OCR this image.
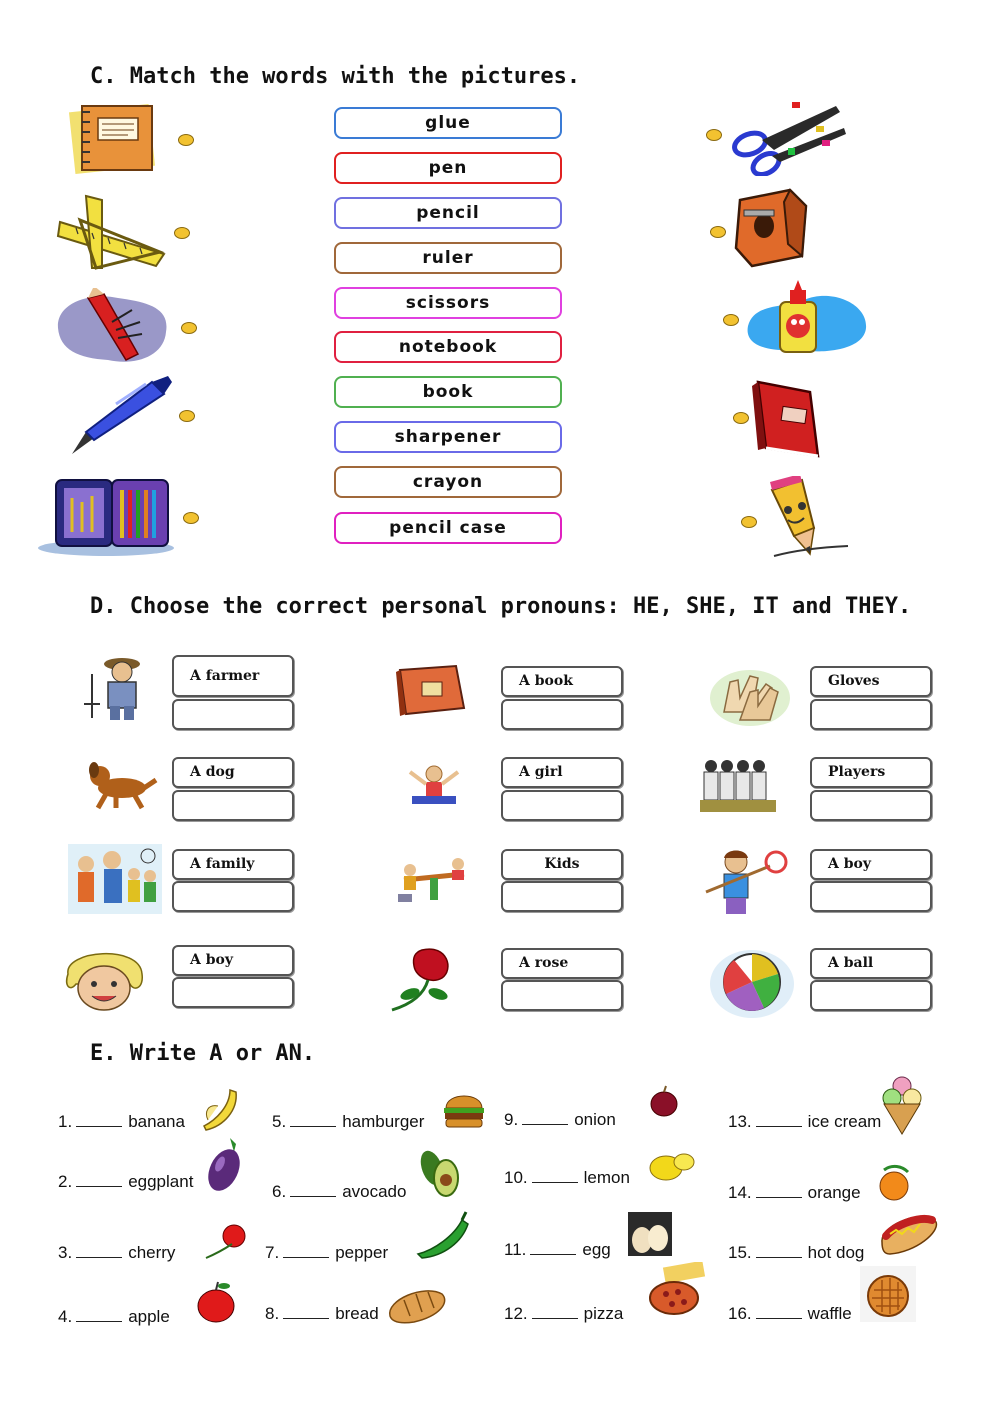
C. Match the words with the pictures.
glue
pen
pencil
ruler
scissors
notebook
book
sharpener
crayon
pencil case
D. Choose the correct personal pronouns: HE, SHE, IT and THEY.
A farmer
A dog
A family
A boy
A book
A girl
Kids
A rose
Gloves
Players
A boy
A ball
E. Write A or AN.
1.	banana
2.	eggplant
3.	cherry
4.	apple
5.	hamburger
6.	avocado
7.	pepper
8.	bread
9.	onion
10.	lemon
11.	egg
12.	pizza
13.	ice cream
14.	orange
15.	hot dog
16.	waffle
